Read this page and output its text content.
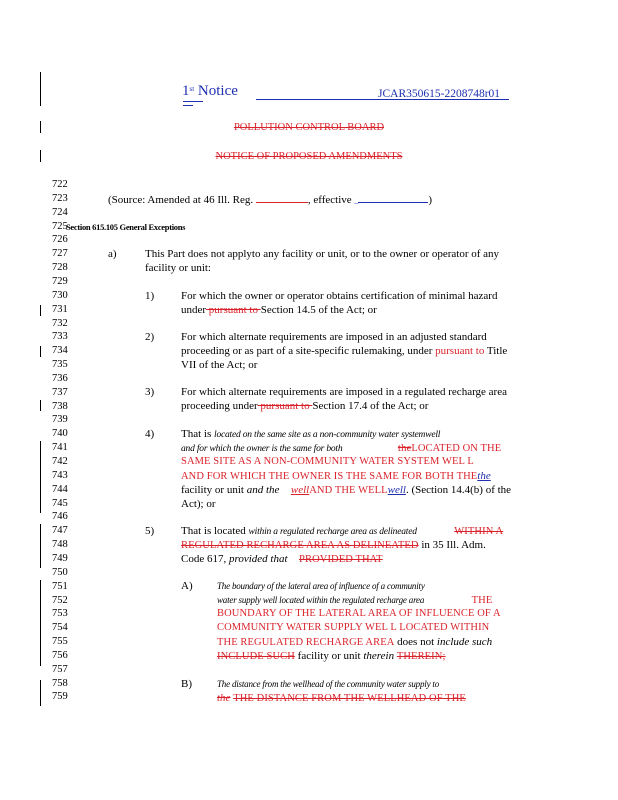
1st Notice	JCAR350615-2208748r01
POLLUTION CONTROL BOARD
NOTICE OF PROPOSED AMENDMENTS
722
723
724
725
726
727
728
729
730
731
732
733
734
735
736
737
738
739
740
741
742
743
744
745
746
747
748
749
750
751
752
753
754
755
756
757
758
759
(Source: Amended at 46 Ill. Reg.	, effective _	)
Section 615.105 General Exceptions
a)	This Part does not applyto any facility or unit, or to the owner or operator of any
facility or unit:
1) For which the owner or operator obtains certification of minimal hazard
under pursuant to Section 14.5 of the Act; or
2) For which alternate requirements are imposed in an adjusted standard
proceeding or as part of a site-specific rulemaking, under pursuant to Title
VII of the Act; or
3) For which alternate requirements are imposed in a regulated recharge area
proceeding under pursuant to Section 17.4 of the Act; or
4) That is located on the same site as a non-community water systemwell
and for which the owner is the same for both	theLOCATED ON THE
SAME SITE AS A NON-COMMUNITY WATER SYSTEM WEL L
AND FOR WHICH THE OWNER IS THE SAME FOR BOTH THEthe
facility or unit and the wellAND THE WELLwell. (Section 14.4(b) of the
Act); or
5) That is located within a regulated recharge area as delineated	WITHIN A
REGULATED RECHARGE AREA AS DELINEATED in 35 Ill. Adm.
Code 617, provided that PROVIDED THAT
A)	The boundary of the lateral area of influence of a community
water supply well located within the regulated recharge area	THE
BOUNDARY OF THE LATERAL AREA OF INFLUENCE OF A
COMMUNITY WATER SUPPLY WEL L LOCATED WITHIN
THE REGULATED RECHARGE AREA does not include such
INCLUDE SUCH facility or unit therein THEREIN;
B)	The distance from the wellhead of the community water supply to
the THE DISTANCE FROM THE WELLHEAD OF THE
